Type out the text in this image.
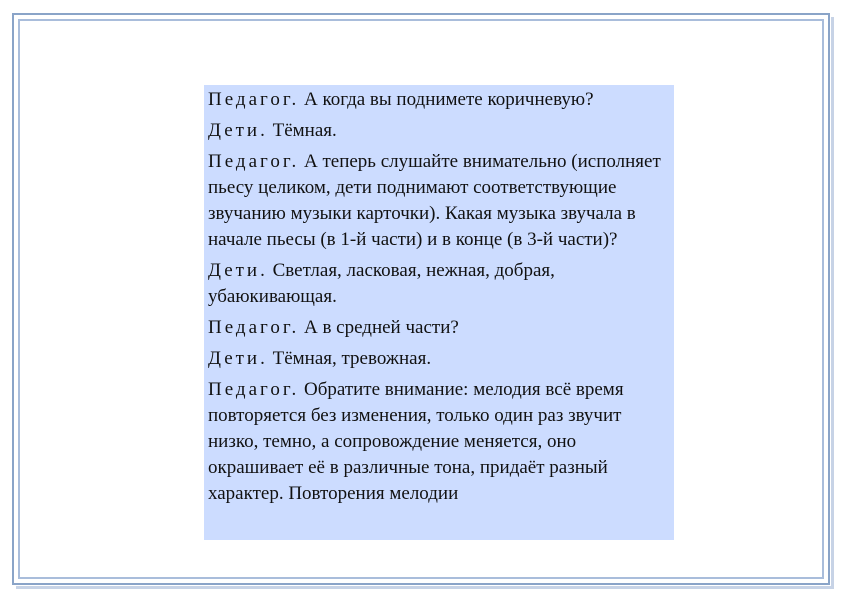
Педагог. А когда вы поднимете коричневую?

Дети. Тёмная.

Педагог. А теперь слушайте внимательно (исполняет пьесу целиком, дети поднимают соответствующие звучанию музыки карточки). Какая музыка звучала в начале пьесы (в 1-й части) и в конце (в 3-й части)?

Дети. Светлая, ласковая, нежная, добрая, убаюкивающая.

Педагог. А в средней части?

Дети. Тёмная, тревожная.

Педагог. Обратите внимание: мелодия всё время повторяется без изменения, только один раз звучит низко, темно, а сопровождение меняется, оно окрашивает её в различные тона, придаёт разный характер. Повторения мелодии
